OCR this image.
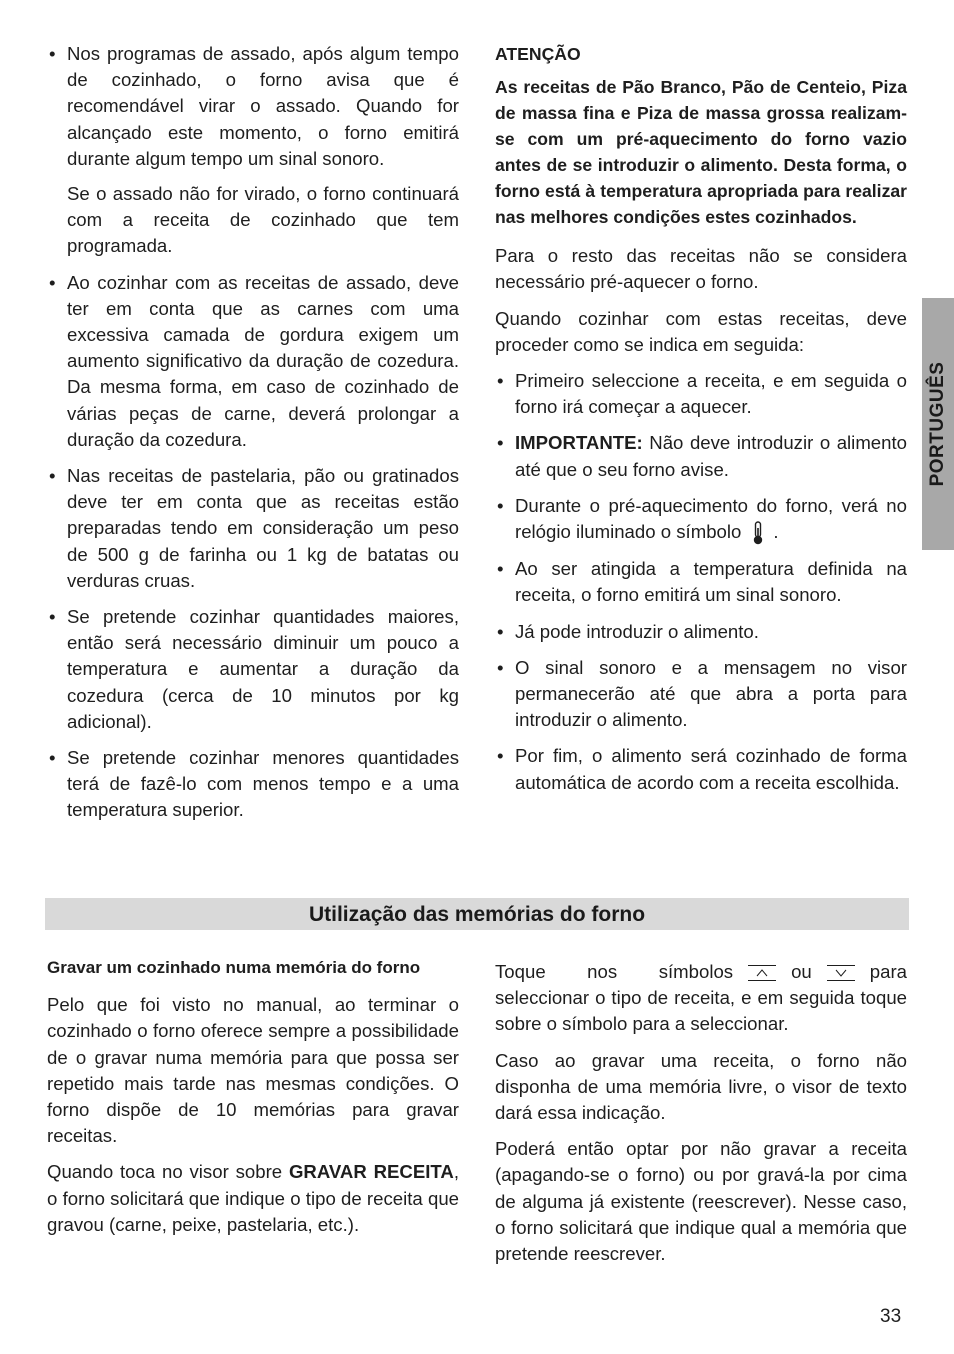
• Nos programas de assado, após algum tempo de cozinhado, o forno avisa que é recomendável virar o assado. Quando for alcançado este momento, o forno emitirá durante algum tempo um sinal sonoro.

Se o assado não for virado, o forno continuará com a receita de cozinhado que tem programada.

• Ao cozinhar com as receitas de assado, deve ter em conta que as carnes com uma excessiva camada de gordura exigem um aumento significativo da duração de cozedura. Da mesma forma, em caso de cozinhado de várias peças de carne, deverá prolongar a duração da cozedura.
• Nas receitas de pastelaria, pão ou gratinados deve ter em conta que as receitas estão preparadas tendo em consideração um peso de 500 g de farinha ou 1 kg de batatas ou verduras cruas.
• Se pretende cozinhar quantidades maiores, então será necessário diminuir um pouco a temperatura e aumentar a duração da cozedura (cerca de 10 minutos por kg adicional).
• Se pretende cozinhar menores quantidades terá de fazê-lo com menos tempo e a uma temperatura superior.
ATENÇÃO

As receitas de Pão Branco, Pão de Centeio, Piza de massa fina e Piza de massa grossa realizam-se com um pré-aquecimento do forno vazio antes de se introduzir o alimento. Desta forma, o forno está à temperatura apropriada para realizar nas melhores condições estes cozinhados.

Para o resto das receitas não se considera necessário pré-aquecer o forno.

Quando cozinhar com estas receitas, deve proceder como se indica em seguida:

• Primeiro seleccione a receita, e em seguida o forno irá começar a aquecer.
• IMPORTANTE: Não deve introduzir o alimento até que o seu forno avise.
• Durante o pré-aquecimento do forno, verá no relógio iluminado o símbolo .
• Ao ser atingida a temperatura definida na receita, o forno emitirá um sinal sonoro.
• Já pode introduzir o alimento.
• O sinal sonoro e a mensagem no visor permanecerão até que abra a porta para introduzir o alimento.
• Por fim, o alimento será cozinhado de forma automática de acordo com a receita escolhida.
PORTUGUÊS
Utilização das memórias do forno
Gravar um cozinhado numa memória do forno

Pelo que foi visto no manual, ao terminar o cozinhado o forno oferece sempre a possibilidade de o gravar numa memória para que possa ser repetido mais tarde nas mesmas condições. O forno dispõe de 10 memórias para gravar receitas.

Quando toca no visor sobre GRAVAR RECEITA, o forno solicitará que indique o tipo de receita que gravou (carne, peixe, pastelaria, etc.).

Toque nos símbolos	ou	para seleccionar o tipo de receita, e em seguida toque sobre o símbolo para a seleccionar.

Caso ao gravar uma receita, o forno não disponha de uma memória livre, o visor de texto dará essa indicação.

Poderá então optar por não gravar a receita (apagando-se o forno) ou por gravá-la por cima de alguma já existente (reescrever). Nesse caso, o forno solicitará que indique qual a memória que pretende reescrever.

33
